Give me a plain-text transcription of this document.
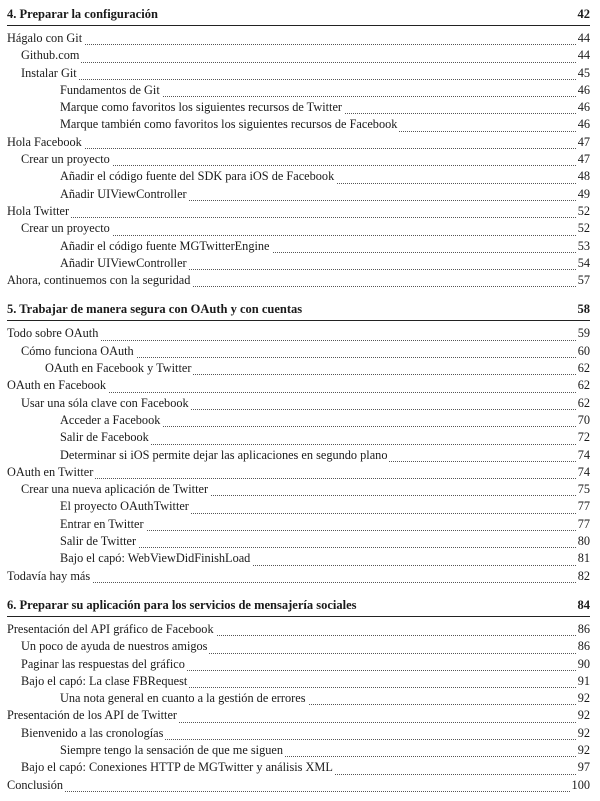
4. Preparar la configuración	42
Hágalo con Git	44
Github.com	44
Instalar Git	45
Fundamentos de Git	46
Marque como favoritos los siguientes recursos de Twitter	46
Marque también como favoritos los siguientes recursos de Facebook	46
Hola Facebook	47
Crear un proyecto	47
Añadir el código fuente del SDK para iOS de Facebook	48
Añadir UIViewController	49
Hola Twitter	52
Crear un proyecto	52
Añadir el código fuente MGTwitterEngine	53
Añadir UIViewController	54
Ahora, continuemos con la seguridad	57
5. Trabajar de manera segura con OAuth y con cuentas	58
Todo sobre OAuth	59
Cómo funciona OAuth	60
OAuth en Facebook y Twitter	62
OAuth en Facebook	62
Usar una sóla clave con Facebook	62
Acceder a Facebook	70
Salir de Facebook	72
Determinar si iOS permite dejar las aplicaciones en segundo plano	74
OAuth en Twitter	74
Crear una nueva aplicación de Twitter	75
El proyecto OAuthTwitter	77
Entrar en Twitter	77
Salir de Twitter	80
Bajo el capó: WebViewDidFinishLoad	81
Todavía hay más	82
6. Preparar su aplicación para los servicios de mensajería sociales	84
Presentación del API gráfico de Facebook	86
Un poco de ayuda de nuestros amigos	86
Paginar las respuestas del gráfico	90
Bajo el capó: La clase FBRequest	91
Una nota general en cuanto a la gestión de errores	92
Presentación de los API de Twitter	92
Bienvenido a las cronologías	92
Siempre tengo la sensación de que me siguen	92
Bajo el capó: Conexiones HTTP de MGTwitter y análisis XML	97
Conclusión	100
